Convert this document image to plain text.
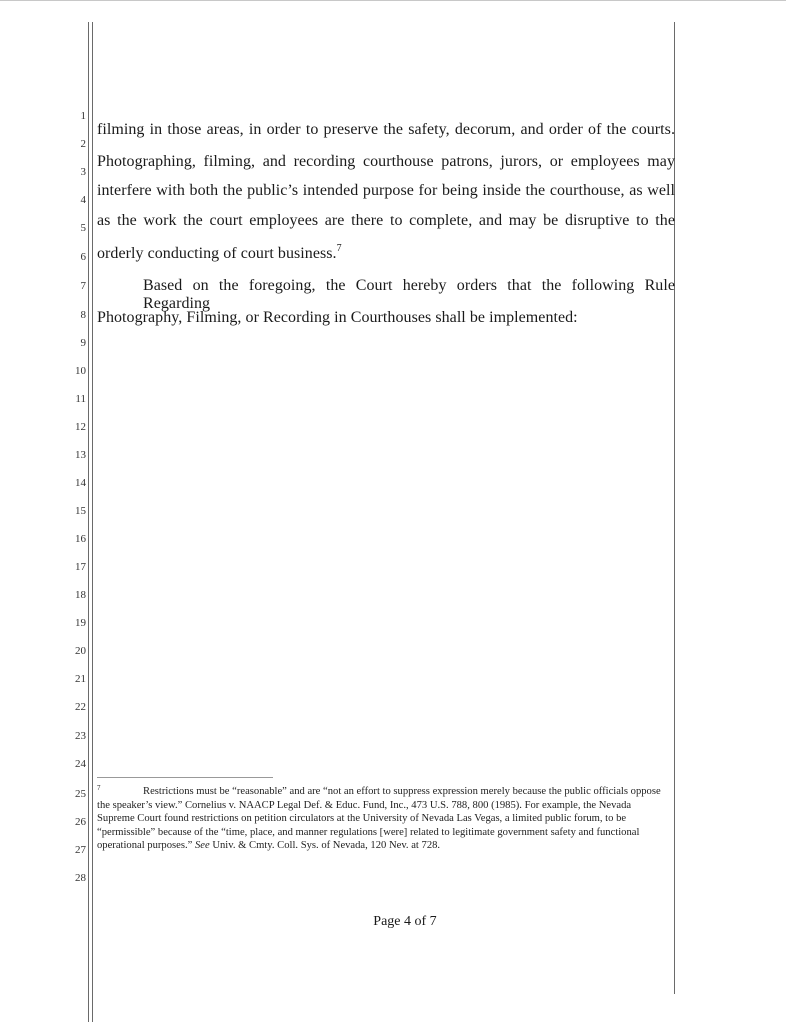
1
2
3
4
5
6
7
8
9
10
11
12
13
14
15
16
17
18
19
20
21
22
23
24
25
26
27
28
filming in those areas, in order to preserve the safety, decorum, and order of the courts.
Photographing, filming, and recording courthouse patrons, jurors, or employees may
interfere with both the public’s intended purpose for being inside the courthouse, as well
as the work the court employees are there to complete, and may be disruptive to the
orderly conducting of court business.$^7$
Based on the foregoing, the Court hereby orders that the following Rule Regarding
Photography, Filming, or Recording in Courthouses shall be implemented:
7	Restrictions must be “reasonable” and are “not an effort to suppress expression merely because the public officials oppose the speaker’s view.” Cornelius v. NAACP Legal Def. & Educ. Fund, Inc., 473 U.S. 788, 800 (1985). For example, the Nevada Supreme Court found restrictions on petition circulators at the University of Nevada Las Vegas, a limited public forum, to be “permissible” because of the “time, place, and manner regulations [were] related to legitimate government safety and functional operational purposes.” See Univ. & Cmty. Coll. Sys. of Nevada, 120 Nev. at 728.
Page 4 of 7
